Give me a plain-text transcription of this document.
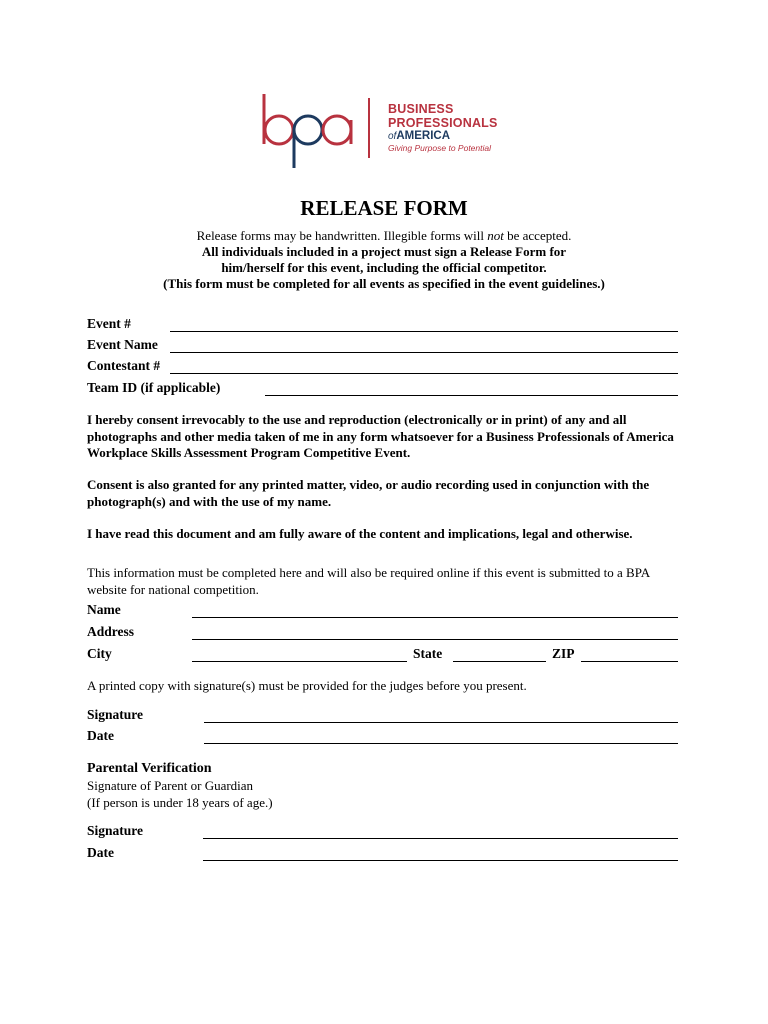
BUSINESS
PROFESSIONALS
ofAMERICA
Giving Purpose to Potential
RELEASE FORM
Release forms may be handwritten. Illegible forms will not be accepted.
All individuals included in a project must sign a Release Form for
him/herself for this event, including the official competitor.
(This form must be completed for all events as specified in the event guidelines.)
Event #
Event Name
Contestant #
Team ID (if applicable)
I hereby consent irrevocably to the use and reproduction (electronically or in print) of any and all photographs and other media taken of me in any form whatsoever for a Business Professionals of America Workplace Skills Assessment Program Competitive Event.
Consent is also granted for any printed matter, video, or audio recording used in conjunction with the photograph(s) and with the use of my name.
I have read this document and am fully aware of the content and implications, legal and otherwise.
This information must be completed here and will also be required online if this event is submitted to a BPA website for national competition.
Name
Address
City	State	ZIP
A printed copy with signature(s) must be provided for the judges before you present.
Signature
Date
Parental Verification
Signature of Parent or Guardian
(If person is under 18 years of age.)
Signature
Date
